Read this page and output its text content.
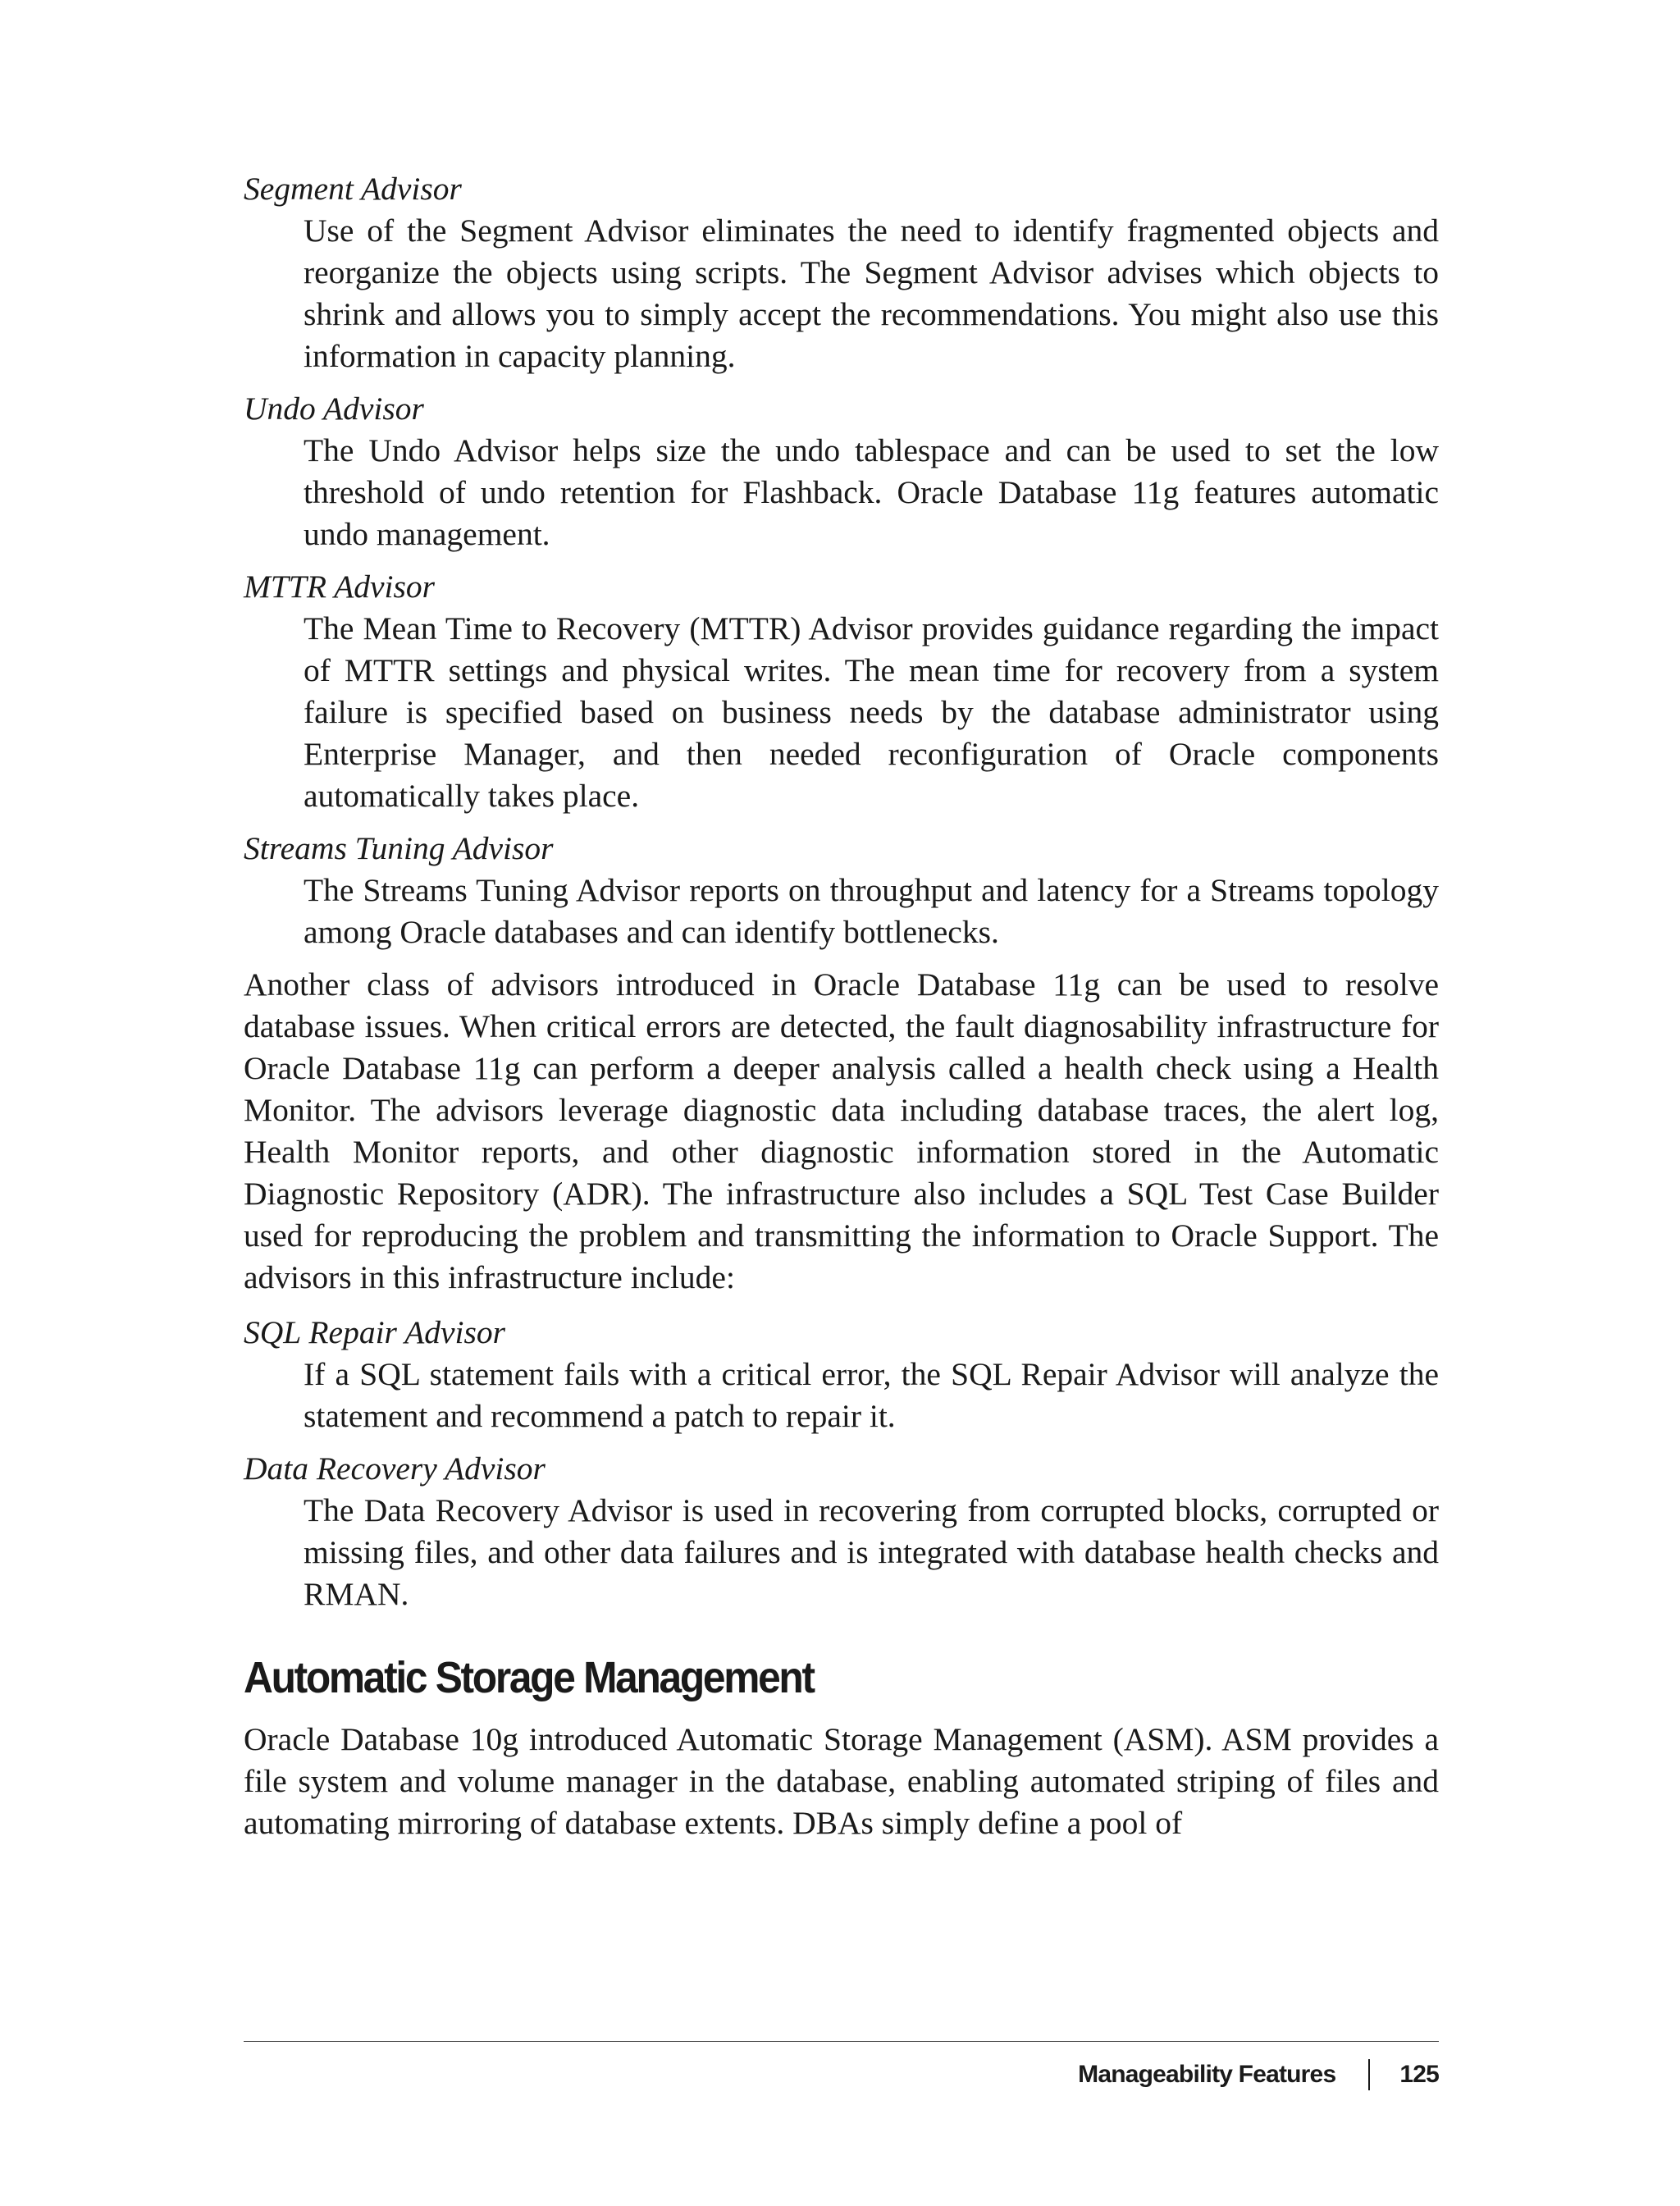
Segment Advisor

Use of the Segment Advisor eliminates the need to identify fragmented objects and reorganize the objects using scripts. The Segment Advisor advises which objects to shrink and allows you to simply accept the recommendations. You might also use this information in capacity planning.

Undo Advisor

The Undo Advisor helps size the undo tablespace and can be used to set the low threshold of undo retention for Flashback. Oracle Database 11g features automatic undo management.

MTTR Advisor

The Mean Time to Recovery (MTTR) Advisor provides guidance regarding the impact of MTTR settings and physical writes. The mean time for recovery from a system failure is specified based on business needs by the database administrator using Enterprise Manager, and then needed reconfiguration of Oracle components automatically takes place.

Streams Tuning Advisor

The Streams Tuning Advisor reports on throughput and latency for a Streams topology among Oracle databases and can identify bottlenecks.

Another class of advisors introduced in Oracle Database 11g can be used to resolve database issues. When critical errors are detected, the fault diagnosability infrastructure for Oracle Database 11g can perform a deeper analysis called a health check using a Health Monitor. The advisors leverage diagnostic data including database traces, the alert log, Health Monitor reports, and other diagnostic information stored in the Automatic Diagnostic Repository (ADR). The infrastructure also includes a SQL Test Case Builder used for reproducing the problem and transmitting the information to Oracle Support. The advisors in this infrastructure include:

SQL Repair Advisor

If a SQL statement fails with a critical error, the SQL Repair Advisor will analyze the statement and recommend a patch to repair it.

Data Recovery Advisor

The Data Recovery Advisor is used in recovering from corrupted blocks, corrupted or missing files, and other data failures and is integrated with database health checks and RMAN.

Automatic Storage Management

Oracle Database 10g introduced Automatic Storage Management (ASM). ASM provides a file system and volume manager in the database, enabling automated striping of files and automating mirroring of database extents. DBAs simply define a pool of

Manageability Features	125
